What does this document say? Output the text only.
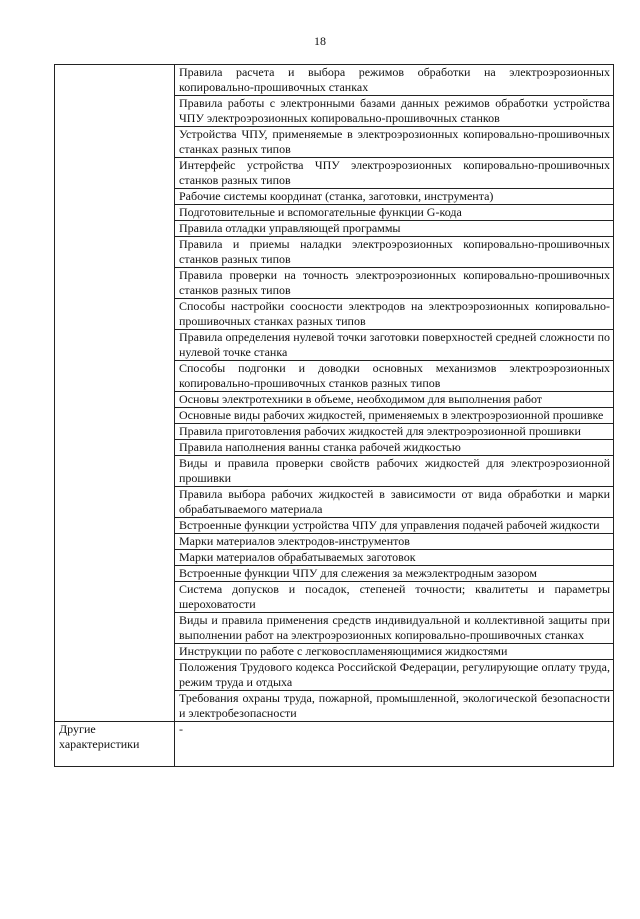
18
	Правила расчета и выбора режимов обработки на электроэрозионных копировально-прошивочных станках
	Правила работы с электронными базами данных режимов обработки устройства ЧПУ электроэрозионных копировально-прошивочных станков
	Устройства ЧПУ, применяемые в электроэрозионных копировально-прошивочных станках разных типов
	Интерфейс устройства ЧПУ электроэрозионных копировально-прошивочных станков разных типов
	Рабочие системы координат (станка, заготовки, инструмента)
	Подготовительные и вспомогательные функции G-кода
	Правила отладки управляющей программы
	Правила и приемы наладки электроэрозионных копировально-прошивочных станков разных типов
	Правила проверки на точность электроэрозионных копировально-прошивочных станков разных типов
	Способы настройки соосности электродов на электроэрозионных копировально-прошивочных станках разных типов
	Правила определения нулевой точки заготовки поверхностей средней сложности по нулевой точке станка
	Способы подгонки и доводки основных механизмов электроэрозионных копировально-прошивочных станков разных типов
	Основы электротехники в объеме, необходимом для выполнения работ
	Основные виды рабочих жидкостей, применяемых в электроэрозионной прошивке
	Правила приготовления рабочих жидкостей для электроэрозионной прошивки
	Правила наполнения ванны станка рабочей жидкостью
	Виды и правила проверки свойств рабочих жидкостей для электроэрозионной прошивки
	Правила выбора рабочих жидкостей в зависимости от вида обработки и марки обрабатываемого материала
	Встроенные функции устройства ЧПУ для управления подачей рабочей жидкости
	Марки материалов электродов-инструментов
	Марки материалов обрабатываемых заготовок
	Встроенные функции ЧПУ для слежения за межэлектродным зазором
	Система допусков и посадок, степеней точности; квалитеты и параметры шероховатости
	Виды и правила применения средств индивидуальной и коллективной защиты при выполнении работ на электроэрозионных копировально-прошивочных станках
	Инструкции по работе с легковоспламеняющимися жидкостями
	Положения Трудового кодекса Российской Федерации, регулирующие оплату труда, режим труда и отдыха
	Требования охраны труда, пожарной, промышленной, экологической безопасности и электробезопасности
Другие характеристики	-
